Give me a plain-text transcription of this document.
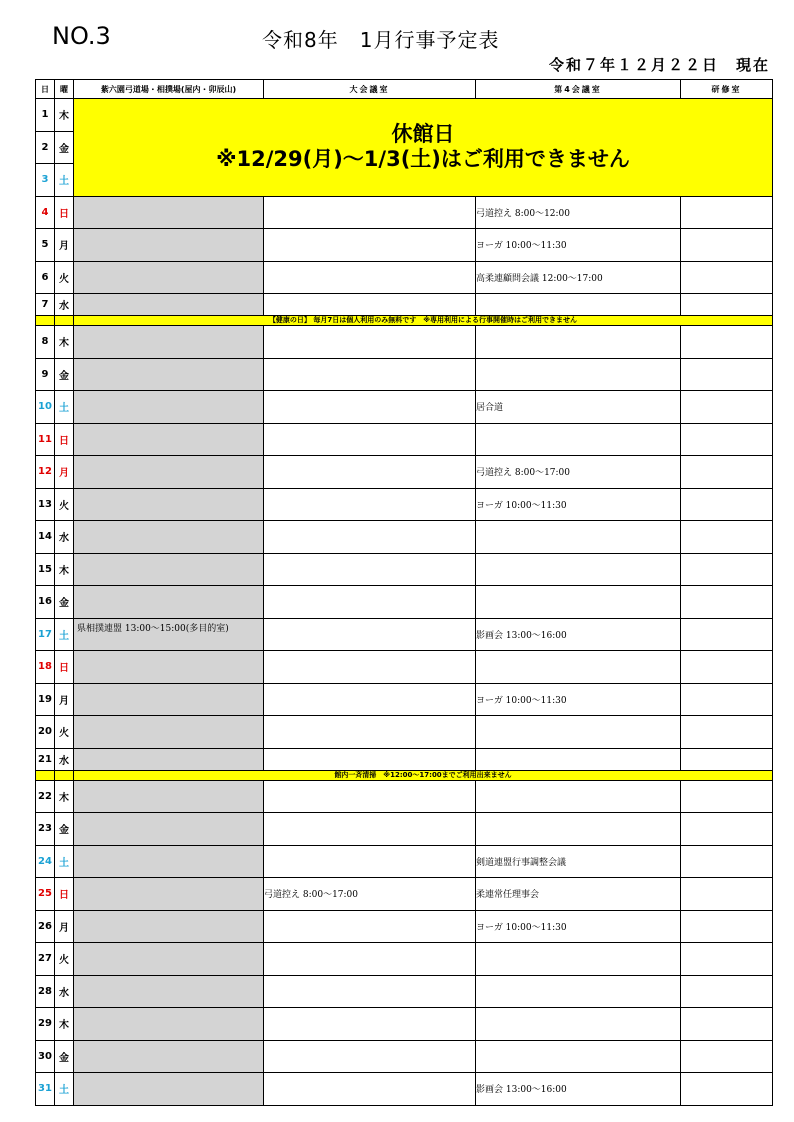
NO.3	令和8年　1月行事予定表
令和７年１２月２２日　現在
日	曜	紫六園弓道場・相撲場(屋内・卯辰山)	大会議室	第4会議室	研修室
1	木	休館日
※12/29(月)〜1/3(土)はご利用できません			

2	金				
3	土				
4	日			弓道控え 8:00〜12:00	
5	月			ヨーガ 10:00〜11:30	
6	火			高柔連顧問会議 12:00〜17:00	
7	水				
		【健康の日】 毎月7日は個人利用のみ無料です　※専用利用による行事開催時はご利用できません			
8	木				
9	金				
10	土			居合道	
11	日				
12	月			弓道控え 8:00〜17:00	
13	火			ヨーガ 10:00〜11:30	
14	水				
15	木				
16	金				
17	土	県相撲連盟 13:00〜15:00(多目的室)		影画会 13:00〜16:00	
18	日				
19	月			ヨーガ 10:00〜11:30	
20	火				
21	水				
		館内一斉清掃　※12:00〜17:00までご利用出来ません			
22	木				
23	金				
24	土			剣道連盟行事調整会議	
25	日		弓道控え 8:00〜17:00	柔連常任理事会	
26	月			ヨーガ 10:00〜11:30	
27	火				
28	水				
29	木				
30	金				
31	土			影画会 13:00〜16:00	
